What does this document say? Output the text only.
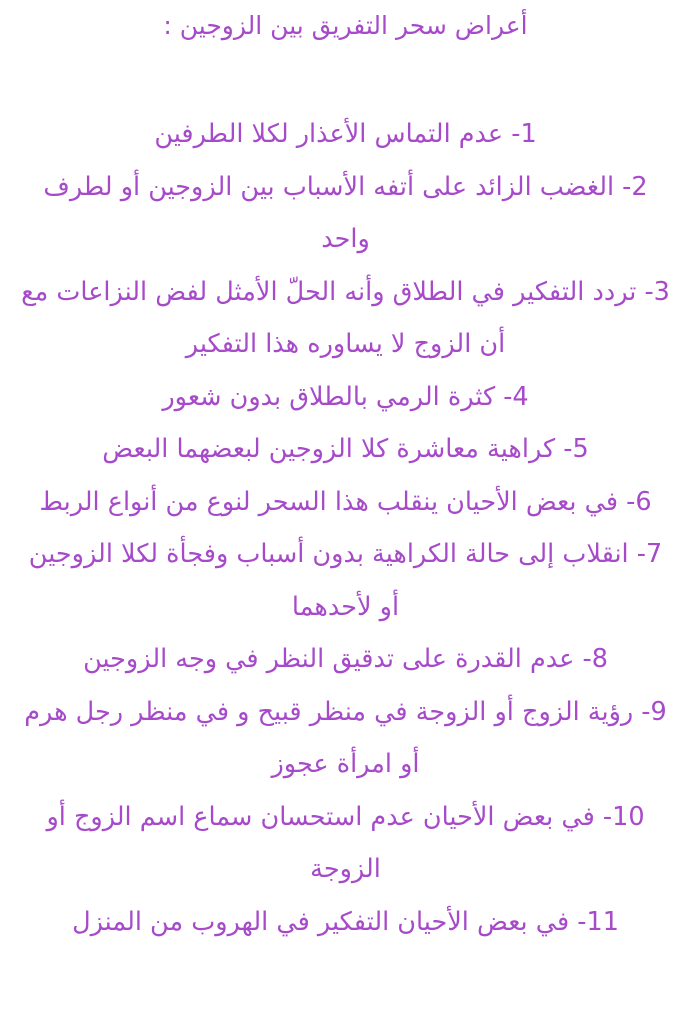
أعراض سحر التفريق بين الزوجين :

1- عدم التماس الأعذار لكلا الطرفين

2- الغضب الزائد على أتفه الأسباب بين الزوجين أو لطرف واحد

3- تردد التفكير في الطلاق وأنه الحلّ الأمثل لفض النزاعات مع أن الزوج لا يساوره هذا التفكير

4- كثرة الرمي بالطلاق بدون شعور

5- كراهية معاشرة كلا الزوجين لبعضهما البعض

6- في بعض الأحيان ينقلب هذا السحر لنوع من أنواع الربط

7- انقلاب إلى حالة الكراهية بدون أسباب وفجأة لكلا الزوجين أو لأحدهما

8- عدم القدرة على تدقيق النظر في وجه الزوجين

9- رؤية الزوج أو الزوجة في منظر قبيح و في منظر رجل هرم أو امرأة عجوز

10- في بعض الأحيان عدم استحسان سماع اسم الزوج أو الزوجة

11- في بعض الأحيان التفكير في الهروب من المنزل
